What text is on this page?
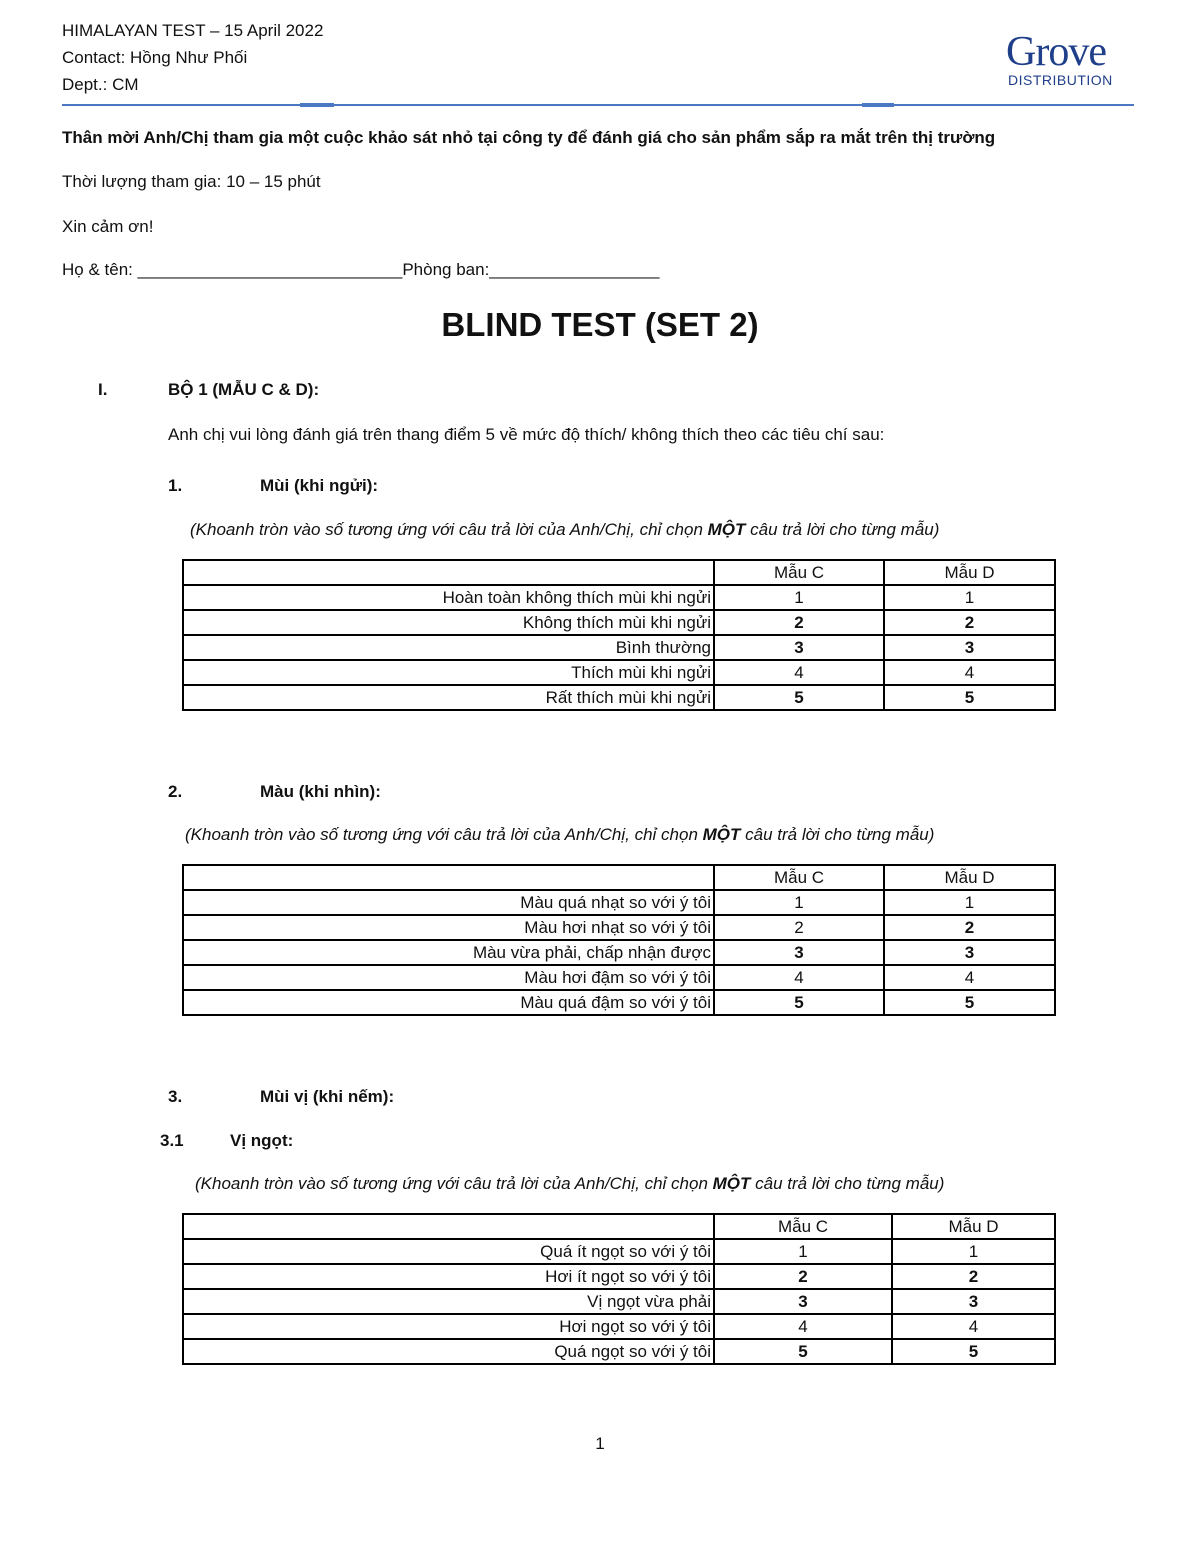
HIMALAYAN TEST – 15 April 2022
Contact: Hồng Như Phối
Dept.: CM
Grove
DISTRIBUTION
Thân mời Anh/Chị tham gia một cuộc khảo sát nhỏ tại công ty để đánh giá cho sản phẩm sắp ra mắt trên thị trường
Thời lượng tham gia: 10 – 15 phút
Xin cảm ơn!
Họ & tên: ____________________________Phòng ban:__________________
BLIND TEST (SET 2)
I.	BỘ 1 (MẪU C & D):
Anh chị vui lòng đánh giá trên thang điểm 5 về mức độ thích/ không thích theo các tiêu chí sau:
1.	Mùi (khi ngửi):
(Khoanh tròn vào số tương ứng với câu trả lời của Anh/Chị, chỉ chọn MỘT câu trả lời cho từng mẫu)
	Mẫu C	Mẫu D
Hoàn toàn không thích mùi khi ngửi	1	1
Không thích mùi khi ngửi	2	2
Bình thường	3	3
Thích mùi khi ngửi	4	4
Rất thích mùi khi ngửi	5	5
2.	Màu (khi nhìn):
(Khoanh tròn vào số tương ứng với câu trả lời của Anh/Chị, chỉ chọn MỘT câu trả lời cho từng mẫu)
	Mẫu C	Mẫu D
Màu quá nhạt so với ý tôi	1	1
Màu hơi nhạt so với ý tôi	2	2
Màu vừa phải, chấp nhận được	3	3
Màu hơi đậm so với ý tôi	4	4
Màu quá đậm so với ý tôi	5	5
3.	Mùi vị (khi nếm):
3.1	Vị ngọt:
(Khoanh tròn vào số tương ứng với câu trả lời của Anh/Chị, chỉ chọn MỘT câu trả lời cho từng mẫu)
	Mẫu C	Mẫu D
Quá ít ngọt so với ý tôi	1	1
Hơi ít ngọt so với ý tôi	2	2
Vị ngọt vừa phải	3	3
Hơi ngọt so với ý tôi	4	4
Quá ngọt so với ý tôi	5	5
1
